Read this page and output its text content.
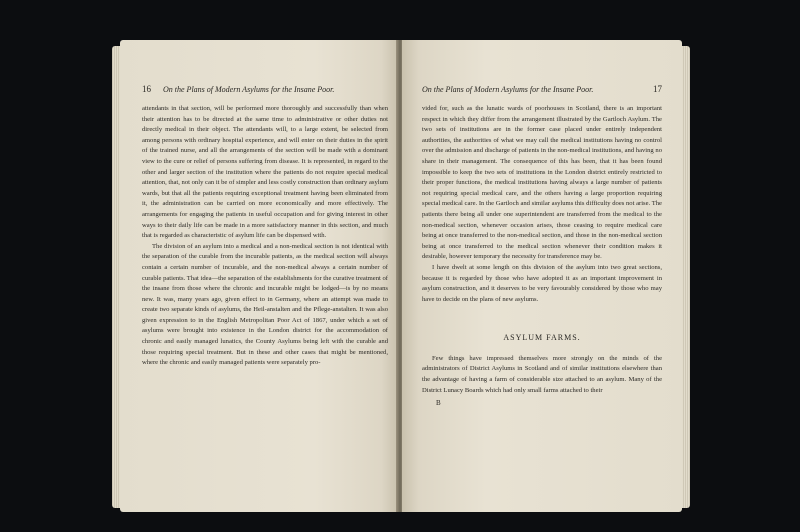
16 On the Plans of Modern Asylums for the Insane Poor.

attendants in that section, will be performed more thoroughly and successfully than when their attention has to be directed at the same time to administrative or other duties not directly medical in their object. The attendants will, to a large extent, be selected from among persons with ordinary hospital experience, and will enter on their duties in the spirit of the trained nurse, and all the arrangements of the section will be made with a dominant view to the cure or relief of persons suffering from disease. It is represented, in regard to the other and larger section of the institution where the patients do not require special medical attention, that, not only can it be of simpler and less costly construction than ordinary asylum wards, but that all the patients requiring exceptional treatment having been eliminated from it, the administration can be carried on more economically and more effectively. The arrangements for engaging the patients in useful occupation and for giving interest in other ways to their daily life can be made in a more satisfactory manner in this section, and much that is regarded as characteristic of asylum life can be dispensed with.

The division of an asylum into a medical and a non-medical section is not identical with the separation of the curable from the incurable patients, as the medical section will always contain a certain number of incurable, and the non-medical always a certain number of curable patients. That idea—the separation of the establishments for the curative treatment of the insane from those where the chronic and incurable might be lodged—is by no means new. It was, many years ago, given effect to in Germany, where an attempt was made to create two separate kinds of asylums, the Heil-anstalten and the Pflege-anstalten. It was also given expression to in the English Metropolitan Poor Act of 1867, under which a set of asylums were brought into existence in the London district for the accommodation of chronic and easily managed lunatics, the County Asylums being left with the curable and those requiring special treatment. But in these and other cases that might be mentioned, where the chronic and easily managed patients were separately pro-

On the Plans of Modern Asylums for the Insane Poor.	17

vided for, such as the lunatic wards of poorhouses in Scotland, there is an important respect in which they differ from the arrangement illustrated by the Gartloch Asylum. The two sets of institutions are in the former case placed under entirely independent authorities, the authorities of what we may call the medical institutions having no control over the admission and discharge of patients in the non-medical institutions, and having no share in their management. The consequence of this has been, that it has been found impossible to keep the two sets of institutions in the London district entirely restricted to their proper functions, the medical institutions having always a large number of patients not requiring special medical care, and the others having a large proportion requiring special medical care. In the Gartloch and similar asylums this difficulty does not arise. The patients there being all under one superintendent are transferred from the medical to the non-medical section, whenever occasion arises, those ceasing to require medical care being at once transferred to the non-medical section, and those in the non-medical section being at once transferred to the medical section whenever their condition makes it desirable, however temporary the necessity for transference may be.

I have dwelt at some length on this division of the asylum into two great sections, because it is regarded by those who have adopted it as an important improvement in asylum construction, and it deserves to be very favourably considered by those who may have to decide on the plans of new asylums.

ASYLUM FARMS.

Few things have impressed themselves more strongly on the minds of the administrators of District Asylums in Scotland and of similar institutions elsewhere than the advantage of having a farm of considerable size attached to an asylum. Many of the District Lunacy Boards which had only small farms attached to their

B
